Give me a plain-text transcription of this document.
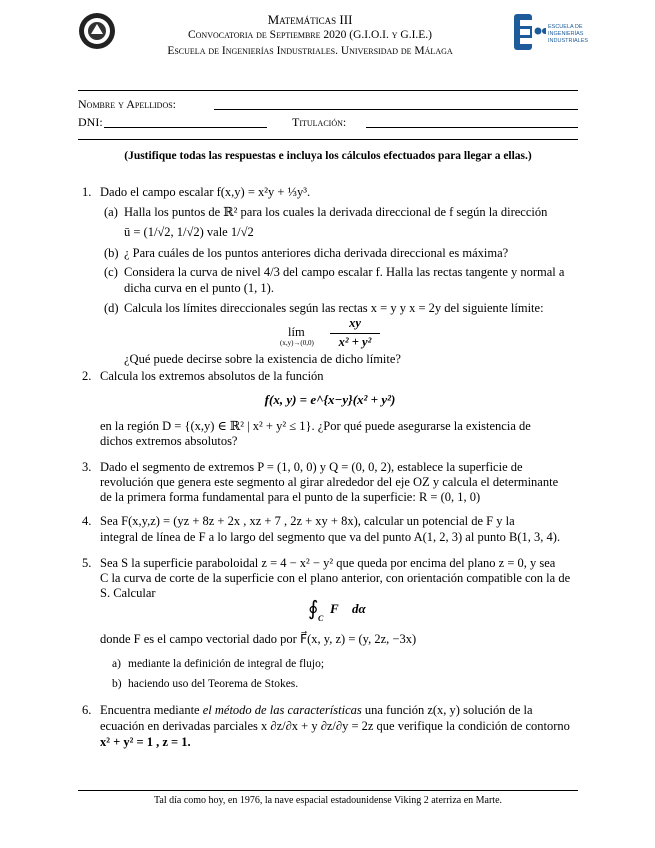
ESCUELA DE
INGENIERÍAS
INDUSTRIALES
Matemáticas III
Convocatoria de Septiembre 2020 (G.I.O.I. y G.I.E.)
Escuela de Ingenierías Industriales. Universidad de Málaga
Nombre y Apellidos:
DNI:	Titulación:
(Justifique todas las respuestas e incluya los cálculos efectuados para llegar a ellas.)
1. Dado el campo escalar f(x,y) = x²y + ⅓y³.
(a) Halla los puntos de ℝ² para los cuales la derivada direccional de f según la dirección
ū = (1/√2, 1/√2) vale 1/√2
(b) ¿ Para cuáles de los puntos anteriores dicha derivada direccional es máxima?
(c) Considera la curva de nivel 4/3 del campo escalar f. Halla las rectas tangente y normal a
dicha curva en el punto (1, 1).
(d) Calcula los límites direccionales según las rectas x = y y x = 2y del siguiente límite:
lím
(x,y)→(0,0)
xy
x² + y²
¿Qué puede decirse sobre la existencia de dicho límite?
2. Calcula los extremos absolutos de la función
f(x, y) = e^{x−y}(x² + y²)
en la región D = {(x,y) ∈ ℝ² | x² + y² ≤ 1}. ¿Por qué puede asegurarse la existencia de
dichos extremos absolutos?
3. Dado el segmento de extremos P = (1, 0, 0) y Q = (0, 0, 2), establece la superficie de
revolución que genera este segmento al girar alrededor del eje OZ y calcula el determinante
de la primera forma fundamental para el punto de la superficie: R = (0, 1, 0)
4. Sea F(x,y,z) = (yz + 8z + 2x , xz + 7 , 2z + xy + 8x), calcular un potencial de F y la
integral de línea de F a lo largo del segmento que va del punto A(1, 2, 3) al punto B(1, 3, 4).
5. Sea S la superficie paraboloidal z = 4 − x² − y² que queda por encima del plano z = 0, y sea
C la curva de corte de la superficie con el plano anterior, con orientación compatible con la de
S. Calcular
∮ C
F⃗ dα⃗
donde F es el campo vectorial dado por F⃗(x, y, z) = (y, 2z, −3x)
a) mediante la definición de integral de flujo;
b) haciendo uso del Teorema de Stokes.
6. Encuentra mediante el método de las características una función z(x, y) solución de la
ecuación en derivadas parciales x ∂z/∂x + y ∂z/∂y = 2z que verifique la condición de contorno
x² + y² = 1 , z = 1.
Tal día como hoy, en 1976, la nave espacial estadounidense Viking 2 aterriza en Marte.
